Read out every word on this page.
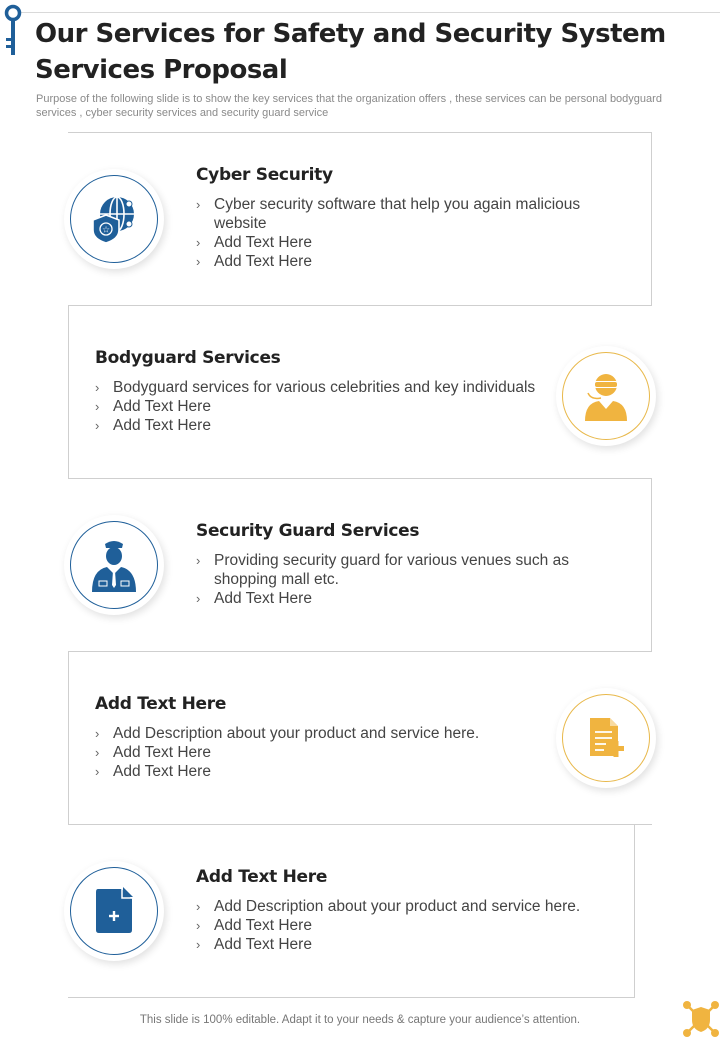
Our Services for Safety and Security System Services Proposal

Purpose of the following slide is to show the key services that the organization offers , these services can be personal bodyguard services , cyber security services and security guard service

☆
Cyber Security
› Cyber security software that help you again malicious website
› Add Text Here
› Add Text Here
Bodyguard Services
› Bodyguard services for various celebrities and key individuals
› Add Text Here
› Add Text Here
Security Guard Services
› Providing security guard for various venues such as shopping mall etc.
› Add Text Here
Add Text Here
› Add Description about your product and service here.
› Add Text Here
› Add Text Here
Add Text Here
› Add Description about your product and service here.
› Add Text Here
› Add Text Here

This slide is 100% editable. Adapt it to your needs & capture your audience’s attention.
